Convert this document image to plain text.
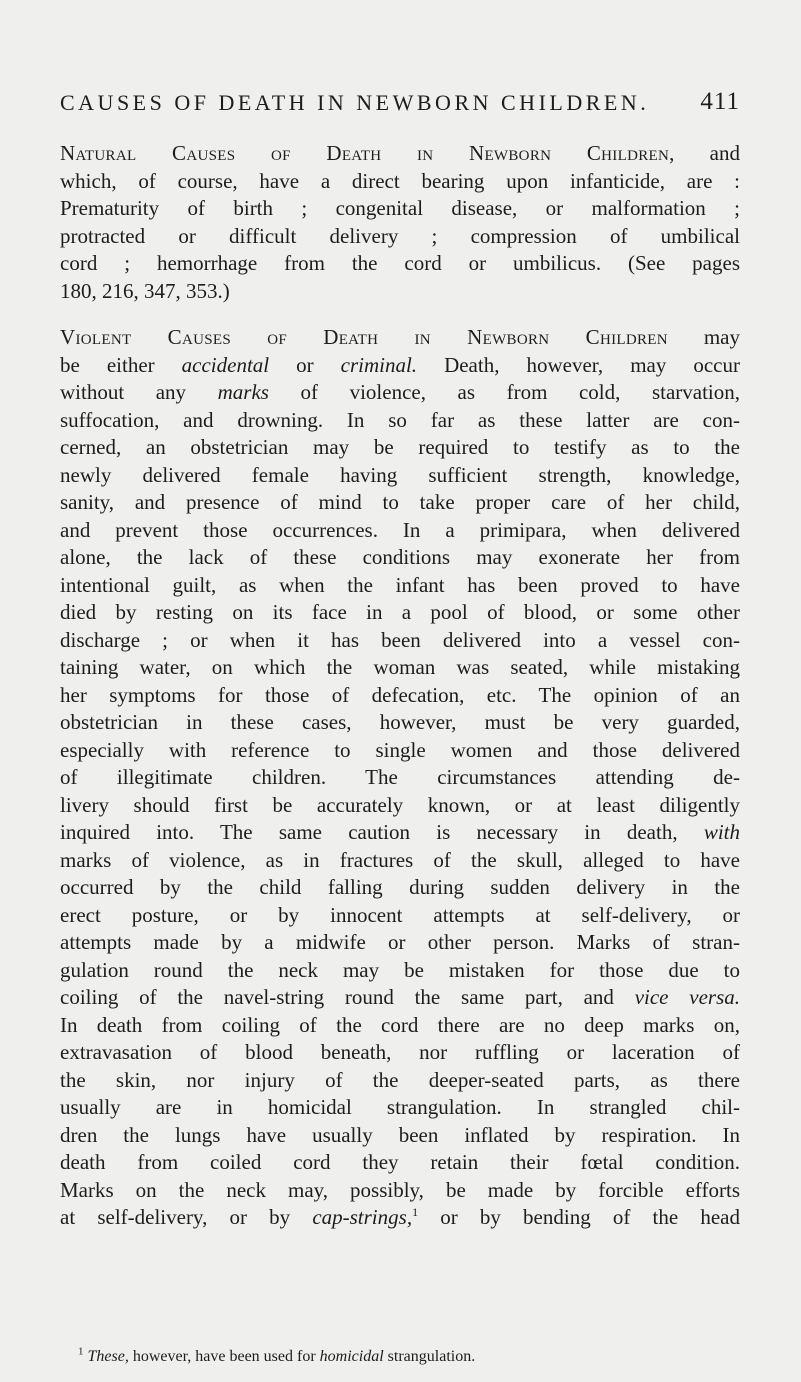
CAUSES OF DEATH IN NEWBORN CHILDREN. 411
Natural Causes of Death in Newborn Children, and
which, of course, have a direct bearing upon infanticide, are :
Prematurity of birth ; congenital disease, or malformation ;
protracted or difficult delivery ; compression of umbilical
cord ; hemorrhage from the cord or umbilicus. (See pages
180, 216, 347, 353.)
Violent Causes of Death in Newborn Children may
be either accidental or criminal. Death, however, may occur
without any marks of violence, as from cold, starvation,
suffocation, and drowning. In so far as these latter are con-
cerned, an obstetrician may be required to testify as to the
newly delivered female having sufficient strength, knowledge,
sanity, and presence of mind to take proper care of her child,
and prevent those occurrences. In a primipara, when delivered
alone, the lack of these conditions may exonerate her from
intentional guilt, as when the infant has been proved to have
died by resting on its face in a pool of blood, or some other
discharge ; or when it has been delivered into a vessel con-
taining water, on which the woman was seated, while mistaking
her symptoms for those of defecation, etc. The opinion of an
obstetrician in these cases, however, must be very guarded,
especially with reference to single women and those delivered
of illegitimate children. The circumstances attending de-
livery should first be accurately known, or at least diligently
inquired into. The same caution is necessary in death, with
marks of violence, as in fractures of the skull, alleged to have
occurred by the child falling during sudden delivery in the
erect posture, or by innocent attempts at self-delivery, or
attempts made by a midwife or other person. Marks of stran-
gulation round the neck may be mistaken for those due to
coiling of the navel-string round the same part, and vice versa.
In death from coiling of the cord there are no deep marks on,
extravasation of blood beneath, nor ruffling or laceration of
the skin, nor injury of the deeper-seated parts, as there
usually are in homicidal strangulation. In strangled chil-
dren the lungs have usually been inflated by respiration. In
death from coiled cord they retain their fœtal condition.
Marks on the neck may, possibly, be made by forcible efforts
at self-delivery, or by cap-strings,$^1$ or by bending of the head
$^1$ These, however, have been used for homicidal strangulation.
